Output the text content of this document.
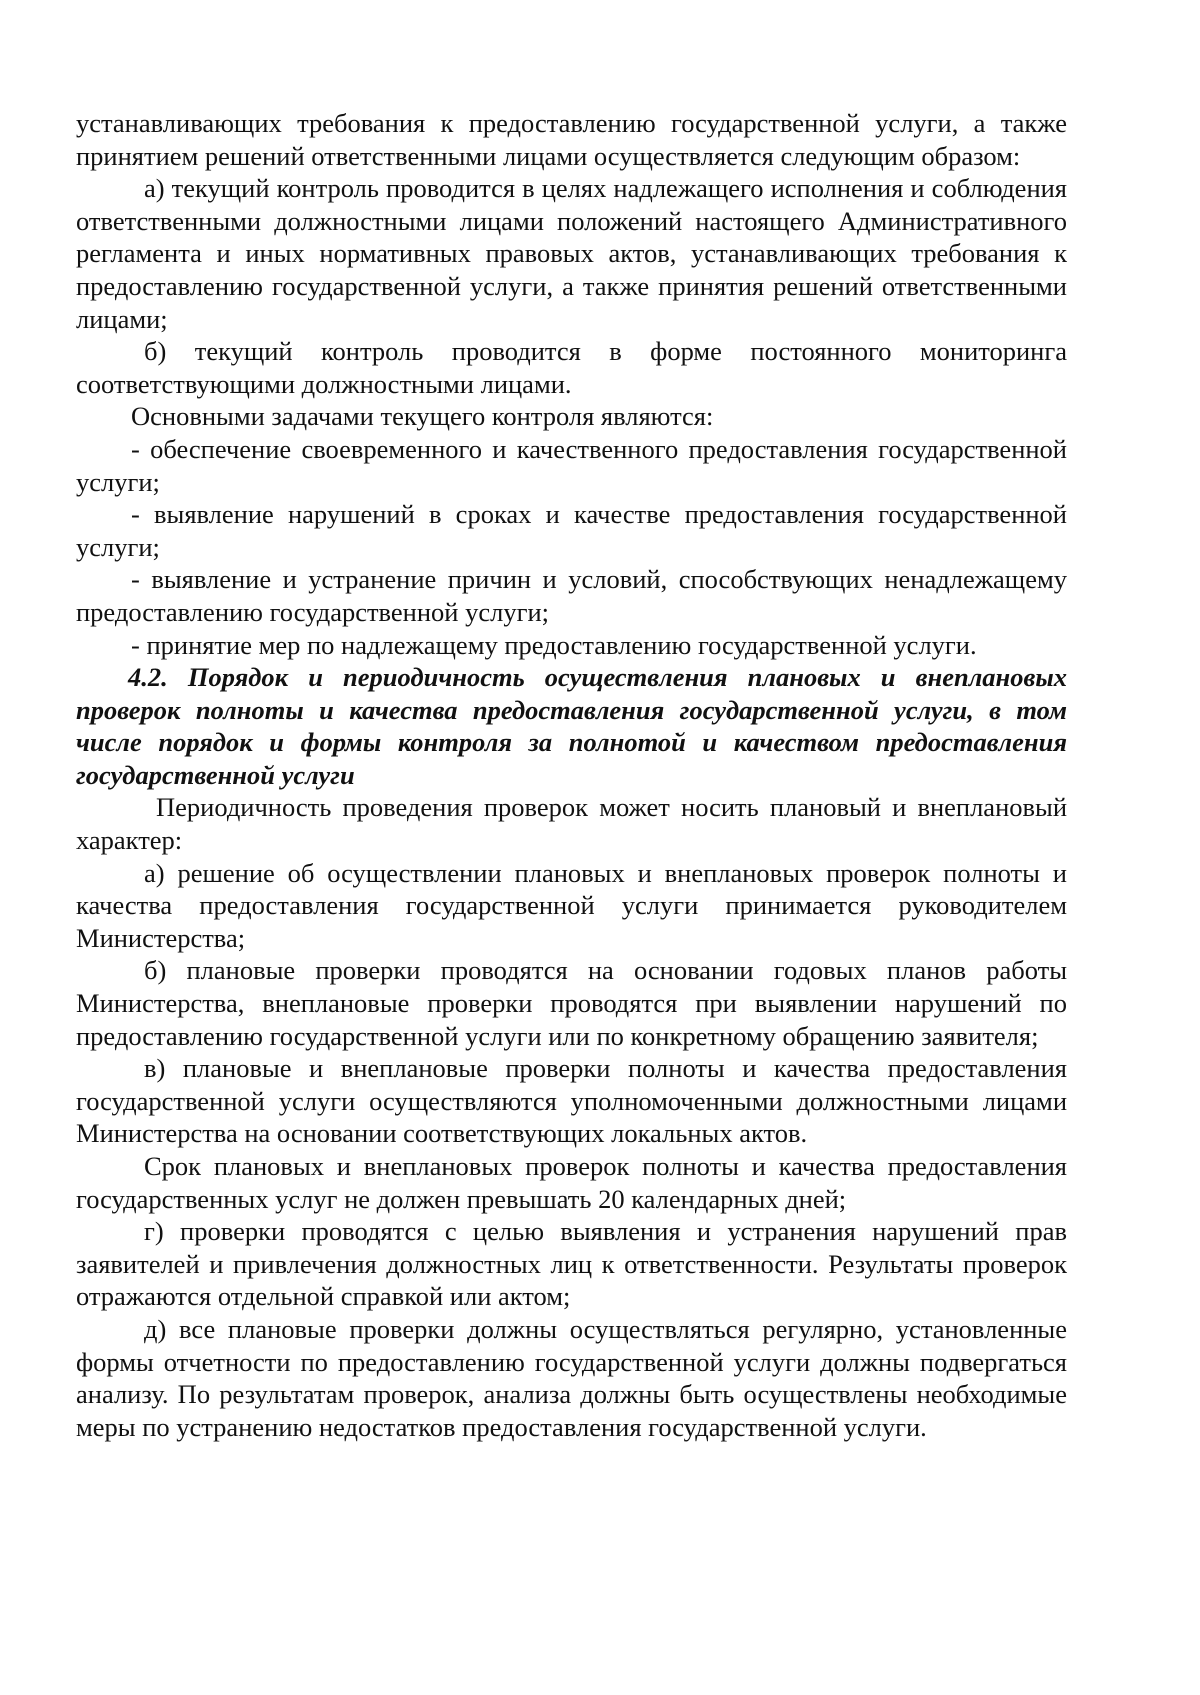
устанавливающих требования к предоставлению государственной услуги, а также принятием решений ответственными лицами осуществляется следующим образом:

а) текущий контроль проводится в целях надлежащего исполнения и соблюдения ответственными должностными лицами положений настоящего Административного регламента и иных нормативных правовых актов, устанавливающих требования к предоставлению государственной услуги, а также принятия решений ответственными лицами;

б) текущий контроль проводится в форме постоянного мониторинга соответствующими должностными лицами.

Основными задачами текущего контроля являются:

- обеспечение своевременного и качественного предоставления государственной услуги;

- выявление нарушений в сроках и качестве предоставления государственной услуги;

- выявление и устранение причин и условий, способствующих ненадлежащему предоставлению государственной услуги;

- принятие мер по надлежащему предоставлению государственной услуги.

4.2. Порядок и периодичность осуществления плановых и внеплановых проверок полноты и качества предоставления государственной услуги, в том числе порядок и формы контроля за полнотой и качеством предоставления государственной услуги

Периодичность проведения проверок может носить плановый и внеплановый характер:

а) решение об осуществлении плановых и внеплановых проверок полноты и качества предоставления государственной услуги принимается руководителем Министерства;

б) плановые проверки проводятся на основании годовых планов работы Министерства, внеплановые проверки проводятся при выявлении нарушений по предоставлению государственной услуги или по конкретному обращению заявителя;

в) плановые и внеплановые проверки полноты и качества предоставления государственной услуги осуществляются уполномоченными должностными лицами Министерства на основании соответствующих локальных актов.

Срок плановых и внеплановых проверок полноты и качества предоставления государственных услуг не должен превышать 20 календарных дней;

г) проверки проводятся с целью выявления и устранения нарушений прав заявителей и привлечения должностных лиц к ответственности. Результаты проверок отражаются отдельной справкой или актом;

д) все плановые проверки должны осуществляться регулярно, установленные формы отчетности по предоставлению государственной услуги должны подвергаться анализу. По результатам проверок, анализа должны быть осуществлены необходимые меры по устранению недостатков предоставления государственной услуги.
